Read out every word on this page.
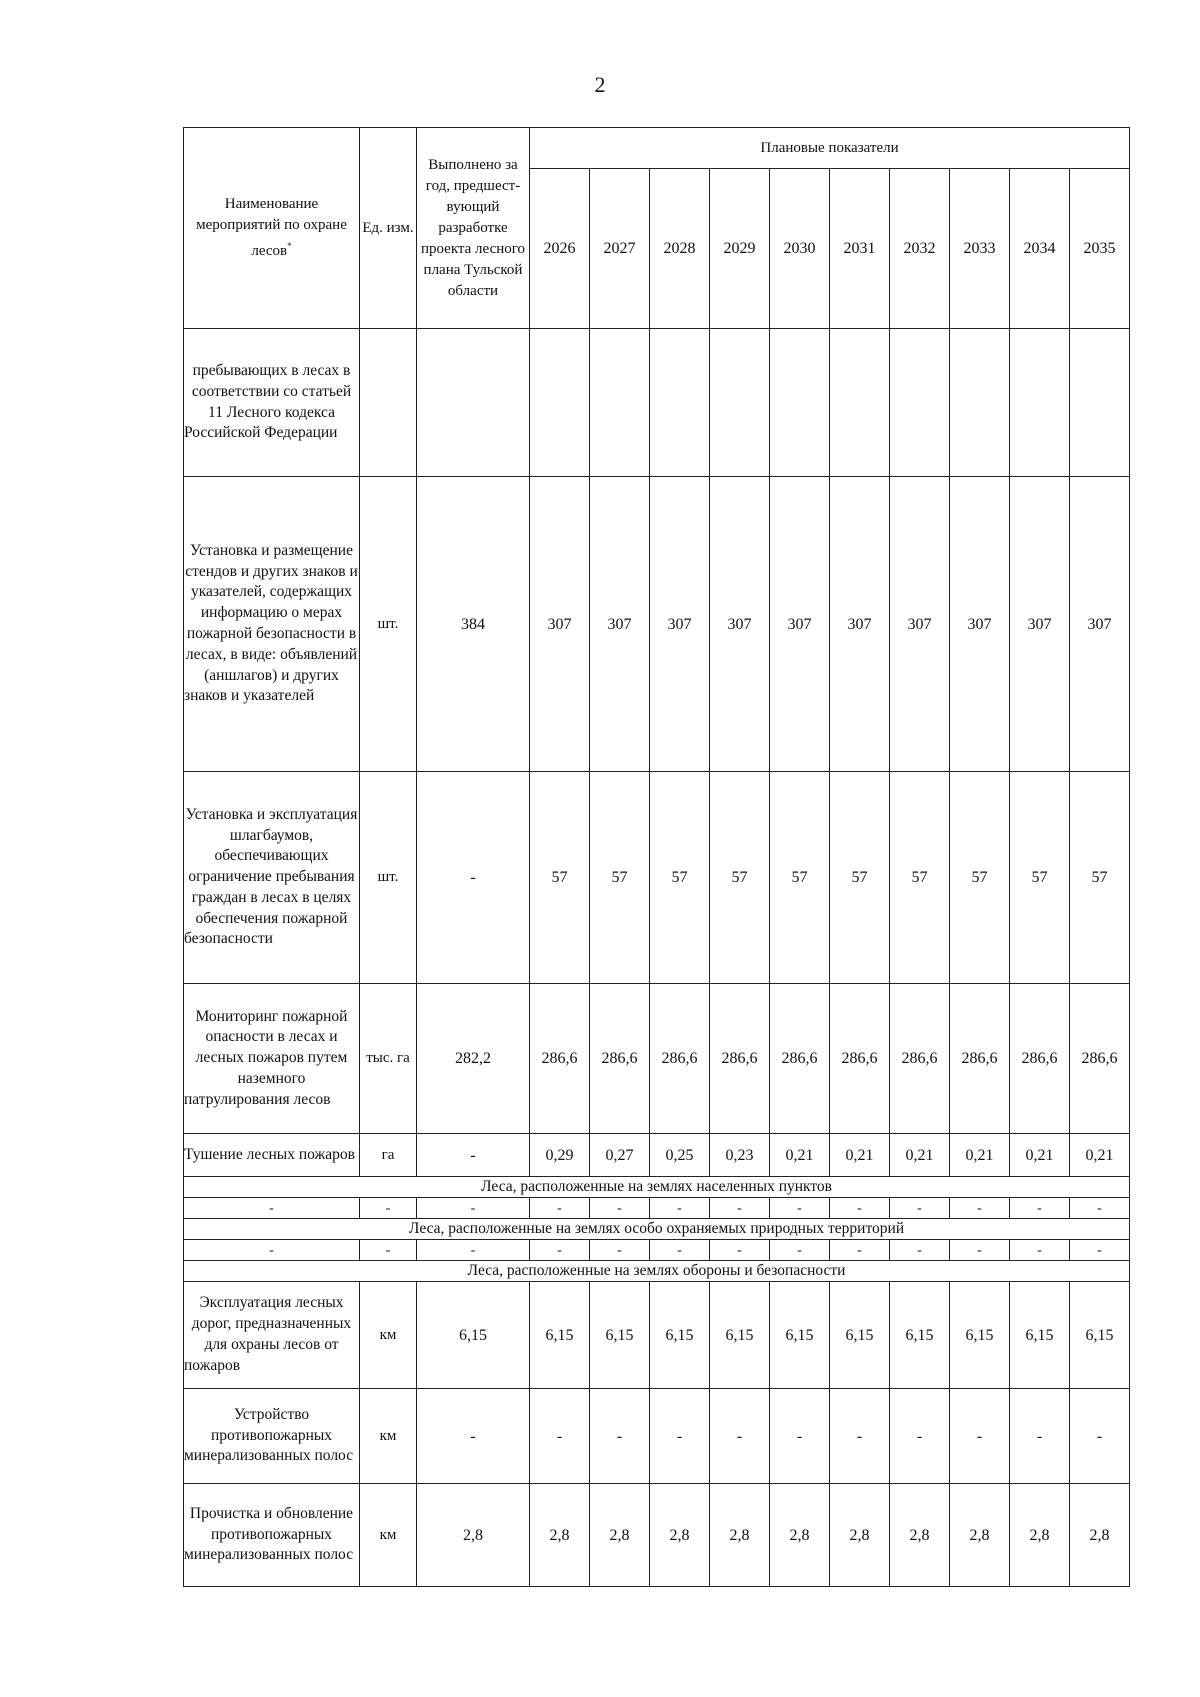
2
Наименование мероприятий по охране лесов*	Ед. изм.	Выполнено за год, предшест-вующий разработке проекта лесного плана Тульской области	Плановые показатели									
			2026	2027	2028	2029	2030	2031	2032	2033	2034	2035
пребывающих в лесах в соответствии со статьей 11 Лесного кодекса Российской Федерации												
Установка и размещение стендов и других знаков и указателей, содержащих информацию о мерах пожарной безопасности в лесах, в виде: объявлений (аншлагов) и других знаков и указателей	шт.	384	307	307	307	307	307	307	307	307	307	307
Установка и эксплуатация шлагбаумов, обеспечивающих ограничение пребывания граждан в лесах в целях обеспечения пожарной безопасности	шт.	-	57	57	57	57	57	57	57	57	57	57
Мониторинг пожарной опасности в лесах и лесных пожаров путем наземного патрулирования лесов	тыс. га	282,2	286,6	286,6	286,6	286,6	286,6	286,6	286,6	286,6	286,6	286,6
Тушение лесных пожаров	га	-	0,29	0,27	0,25	0,23	0,21	0,21	0,21	0,21	0,21	0,21
Леса, расположенные на землях населенных пунктов												
-	-	-	-	-	-	-	-	-	-	-	-	-
Леса, расположенные на землях особо охраняемых природных территорий												
-	-	-	-	-	-	-	-	-	-	-	-	-
Леса, расположенные на землях обороны и безопасности												
Эксплуатация лесных дорог, предназначенных для охраны лесов от пожаров	км	6,15	6,15	6,15	6,15	6,15	6,15	6,15	6,15	6,15	6,15	6,15
Устройство противопожарных минерализованных полос	км	-	-	-	-	-	-	-	-	-	-	-
Прочистка и обновление противопожарных минерализованных полос	км	2,8	2,8	2,8	2,8	2,8	2,8	2,8	2,8	2,8	2,8	2,8
